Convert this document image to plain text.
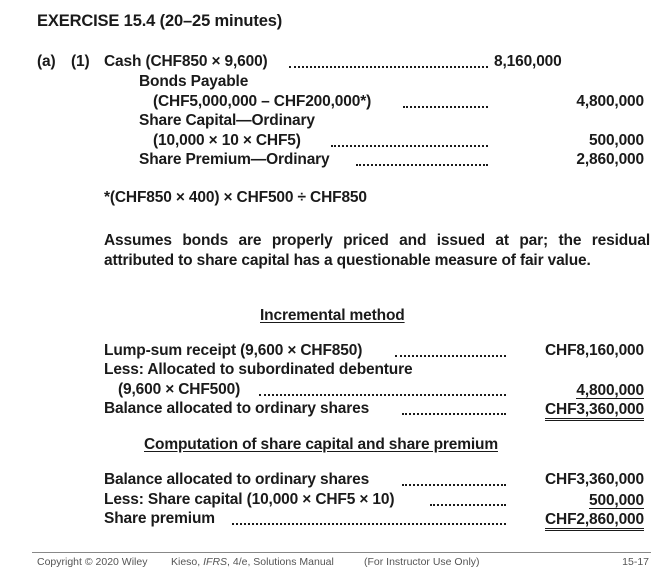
EXERCISE 15.4 (20–25 minutes)
(a) (1) Cash (CHF850 × 9,600)	8,160,000
Bonds Payable
(CHF5,000,000 – CHF200,000*)	4,800,000
Share Capital—Ordinary
(10,000 × 10 × CHF5)	500,000
Share Premium—Ordinary	2,860,000
*(CHF850 × 400) × CHF500 ÷ CHF850
Assumes bonds are properly priced and issued at par; the residual attributed to share capital has a questionable measure of fair value.
Incremental method
Lump-sum receipt (9,600 × CHF850)	CHF8,160,000
Less: Allocated to subordinated debenture
(9,600 × CHF500)	4,800,000
Balance allocated to ordinary shares	CHF3,360,000
Computation of share capital and share premium
Balance allocated to ordinary shares	CHF3,360,000
Less: Share capital (10,000 × CHF5 × 10)	500,000
Share premium	CHF2,860,000
Copyright © 2020 Wiley Kieso, IFRS, 4/e, Solutions Manual	(For Instructor Use Only)	15-17
